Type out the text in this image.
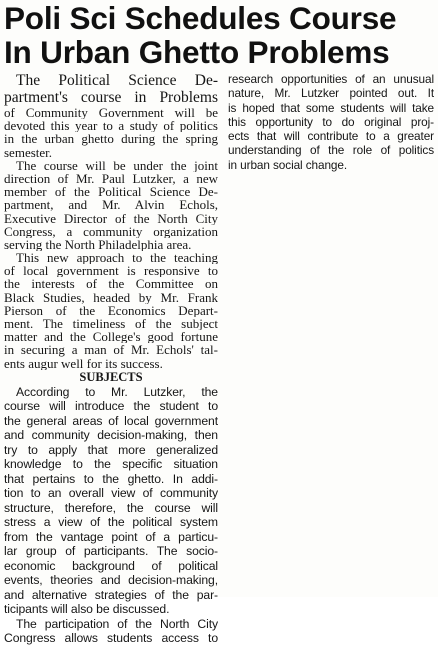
Poli Sci Schedules Course
In Urban Ghetto Problems
The Political Science De-
partment's course in Problems
of Community Government will be
devoted this year to a study of politics
in the urban ghetto during the spring
semester.
The course will be under the joint
direction of Mr. Paul Lutzker, a new
member of the Political Science De-
partment, and Mr. Alvin Echols,
Executive Director of the North City
Congress, a community organization
serving the North Philadelphia area.
This new approach to the teaching
of local government is responsive to
the interests of the Committee on
Black Studies, headed by Mr. Frank
Pierson of the Economics Depart-
ment. The timeliness of the subject
matter and the College's good fortune
in securing a man of Mr. Echols' tal-
ents augur well for its success.
SUBJECTS
According to Mr. Lutzker, the
course will introduce the student to
the general areas of local government
and community decision-making, then
try to apply that more generalized
knowledge to the specific situation
that pertains to the ghetto. In addi-
tion to an overall view of community
structure, therefore, the course will
stress a view of the political system
from the vantage point of a particu-
lar group of participants. The socio-
economic background of political
events, theories and decision-making,
and alternative strategies of the par-
ticipants will also be discussed.
The participation of the North City
Congress allows students access to
research opportunities of an unusual
nature, Mr. Lutzker pointed out. It
is hoped that some students will take
this opportunity to do original proj-
ects that will contribute to a greater
understanding of the role of politics
in urban social change.
